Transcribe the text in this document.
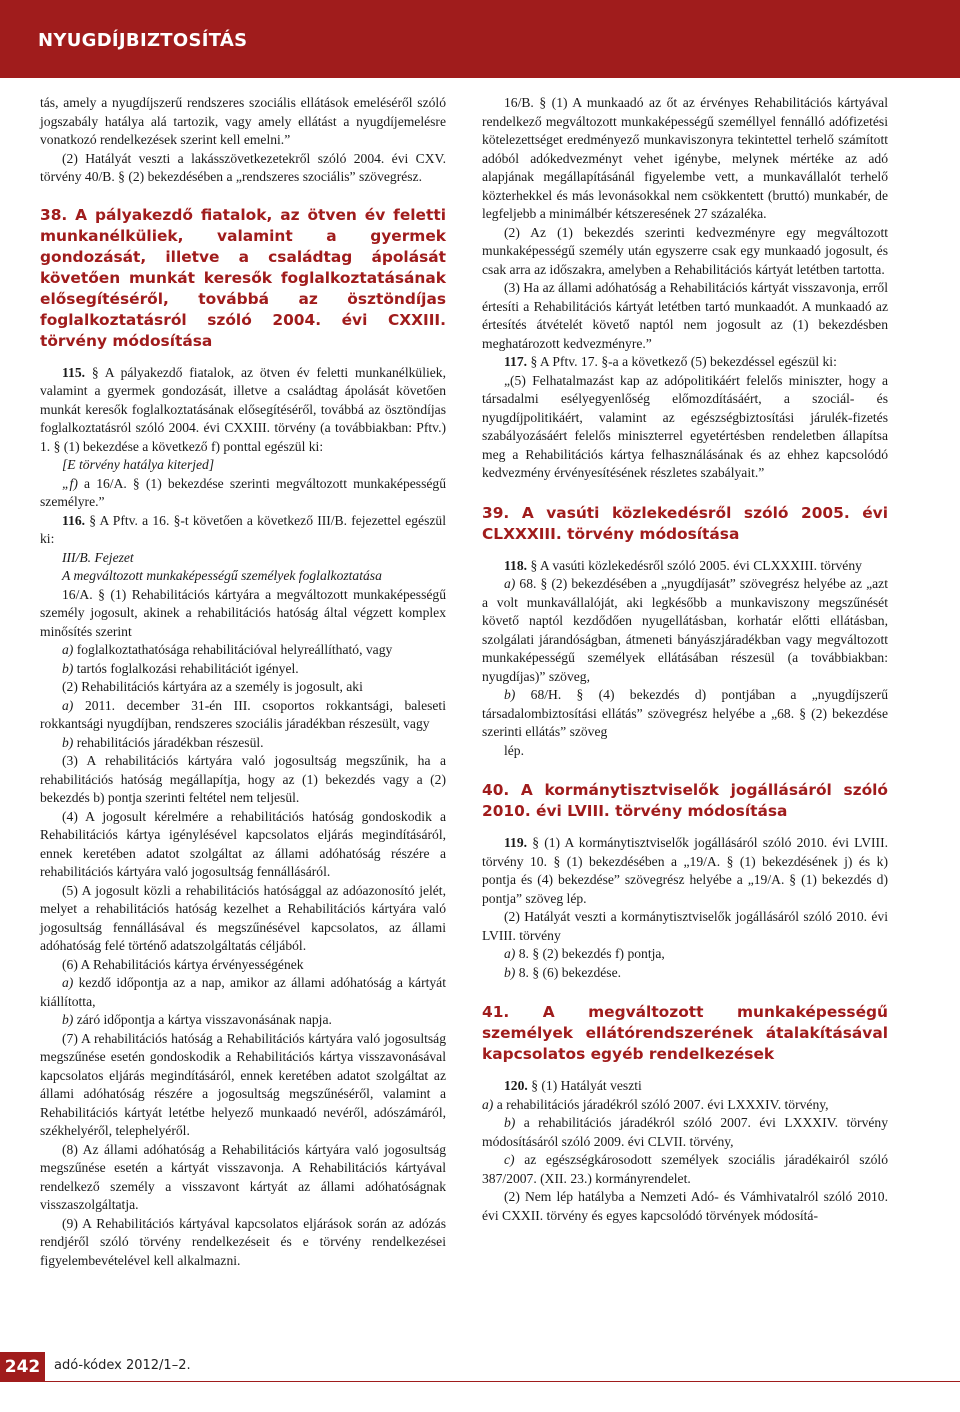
NYUGDÍJBIZTOSÍTÁS

tás, amely a nyugdíjszerű rendszeres szociális ellátások emeléséről szóló jogszabály hatálya alá tartozik, vagy amely ellátást a nyugdíjemelésre vonatkozó rendelkezések szerint kell emelni.”

(2) Hatályát veszti a lakásszövetkezetekről szóló 2004. évi CXV. törvény 40/B. § (2) bekezdésében a „rendszeres szociális” szövegrész.

38. A pályakezdő fiatalok, az ötven év feletti munkanélküliek, valamint a gyermek gondozását, illetve a családtag ápolását követően munkát keresők foglalkoztatásának elősegítéséről, továbbá az ösztöndíjas foglalkoztatásról szóló 2004. évi CXXIII. törvény módosítása

115. § A pályakezdő fiatalok, az ötven év feletti munkanélküliek, valamint a gyermek gondozását, illetve a családtag ápolását követően munkát keresők foglalkoztatásának elősegítéséről, továbbá az ösztöndíjas foglalkoztatásról szóló 2004. évi CXXIII. törvény (a továbbiakban: Pftv.) 1. § (1) bekezdése a következő f) ponttal egészül ki:

[E törvény hatálya kiterjed]

„f) a 16/A. § (1) bekezdése szerinti megváltozott munkaképességű személyre.”

116. § A Pftv. a 16. §-t követően a következő III/B. fejezettel egészül ki:

III/B. Fejezet

A megváltozott munkaképességű személyek foglalkoztatása

16/A. § (1) Rehabilitációs kártyára a megváltozott munkaképességű személy jogosult, akinek a rehabilitációs hatóság által végzett komplex minősítés szerint

a) foglalkoztathatósága rehabilitációval helyreállítható, vagy

b) tartós foglalkozási rehabilitációt igényel.

(2) Rehabilitációs kártyára az a személy is jogosult, aki

a) 2011. december 31-én III. csoportos rokkantsági, baleseti rokkantsági nyugdíjban, rendszeres szociális járadékban részesült, vagy

b) rehabilitációs járadékban részesül.

(3) A rehabilitációs kártyára való jogosultság megszűnik, ha a rehabilitációs hatóság megállapítja, hogy az (1) bekezdés vagy a (2) bekezdés b) pontja szerinti feltétel nem teljesül.

(4) A jogosult kérelmére a rehabilitációs hatóság gondoskodik a Rehabilitációs kártya igénylésével kapcsolatos eljárás megindításáról, ennek keretében adatot szolgáltat az állami adóhatóság részére a rehabilitációs kártyára való jogosultság fennállásáról.

(5) A jogosult közli a rehabilitációs hatósággal az adóazonosító jelét, melyet a rehabilitációs hatóság kezelhet a Rehabilitációs kártyára való jogosultság fennállásával és megszűnésével kapcsolatos, az állami adóhatóság felé történő adatszolgáltatás céljából.

(6) A Rehabilitációs kártya érvényességének

a) kezdő időpontja az a nap, amikor az állami adóhatóság a kártyát kiállította,

b) záró időpontja a kártya visszavonásának napja.

(7) A rehabilitációs hatóság a Rehabilitációs kártyára való jogosultság megszűnése esetén gondoskodik a Rehabilitációs kártya visszavonásával kapcsolatos eljárás megindításáról, ennek keretében adatot szolgáltat az állami adóhatóság részére a jogosultság megszűnéséről, valamint a Rehabilitációs kártyát letétbe helyező munkaadó nevéről, adószámáról, székhelyéről, telephelyéről.

(8) Az állami adóhatóság a Rehabilitációs kártyára való jogosultság megszűnése esetén a kártyát visszavonja. A Rehabilitációs kártyával rendelkező személy a visszavont kártyát az állami adóhatóságnak visszaszolgáltatja.

(9) A Rehabilitációs kártyával kapcsolatos eljárások során az adózás rendjéről szóló törvény rendelkezéseit és e törvény rendelkezései figyelembevételével kell alkalmazni.

16/B. § (1) A munkaadó az őt az érvényes Rehabilitációs kártyával rendelkező megváltozott munkaképességű személlyel fennálló adófizetési kötelezettséget eredményező munkaviszonyra tekintettel terhelő számított adóból adókedvezményt vehet igénybe, melynek mértéke az adó alapjának megállapításánál figyelembe vett, a munkavállalót terhelő közterhekkel és más levonásokkal nem csökkentett (bruttó) munkabér, de legfeljebb a minimálbér kétszeresének 27 százaléka.

(2) Az (1) bekezdés szerinti kedvezményre egy megváltozott munkaképességű személy után egyszerre csak egy munkaadó jogosult, és csak arra az időszakra, amelyben a Rehabilitációs kártyát letétben tartotta.

(3) Ha az állami adóhatóság a Rehabilitációs kártyát visszavonja, erről értesíti a Rehabilitációs kártyát letétben tartó munkaadót. A munkaadó az értesítés átvételét követő naptól nem jogosult az (1) bekezdésben meghatározott kedvezményre.”

117. § A Pftv. 17. §-a a következő (5) bekezdéssel egészül ki:

„(5) Felhatalmazást kap az adópolitikáért felelős miniszter, hogy a társadalmi esélyegyenlőség előmozdításáért, a szociál- és nyugdíjpolitikáért, valamint az egészségbiztosítási járulék-fizetés szabályozásáért felelős miniszterrel egyetértésben rendeletben állapítsa meg a Rehabilitációs kártya felhasználásának és az ehhez kapcsolódó kedvezmény érvényesítésének részletes szabályait.”

39. A vasúti közlekedésről szóló 2005. évi CLXXXIII. törvény módosítása

118. § A vasúti közlekedésről szóló 2005. évi CLXXXIII. törvény

a) 68. § (2) bekezdésében a „nyugdíjasát” szövegrész helyébe az „azt a volt munkavállalóját, aki legkésőbb a munkaviszony megszűnését követő naptól kezdődően nyugellátásban, korhatár előtti ellátásban, szolgálati járandóságban, átmeneti bányászjáradékban vagy megváltozott munkaképességű személyek ellátásában részesül (a továbbiakban: nyugdíjas)” szöveg,

b) 68/H. § (4) bekezdés d) pontjában a „nyugdíjszerű társadalombiztosítási ellátás” szövegrész helyébe a „68. § (2) bekezdése szerinti ellátás” szöveg

lép.

40. A kormánytisztviselők jogállásáról szóló 2010. évi LVIII. törvény módosítása

119. § (1) A kormánytisztviselők jogállásáról szóló 2010. évi LVIII. törvény 10. § (1) bekezdésében a „19/A. § (1) bekezdésének j) és k) pontja és (4) bekezdése” szövegrész helyébe a „19/A. § (1) bekezdés d) pontja” szöveg lép.

(2) Hatályát veszti a kormánytisztviselők jogállásáról szóló 2010. évi LVIII. törvény

a) 8. § (2) bekezdés f) pontja,

b) 8. § (6) bekezdése.

41. A megváltozott munkaképességű személyek ellátórendszerének átalakításával kapcsolatos egyéb rendelkezések

120. § (1) Hatályát veszti

a) a rehabilitációs járadékról szóló 2007. évi LXXXIV. törvény,

b) a rehabilitációs járadékról szóló 2007. évi LXXXIV. törvény módosításáról szóló 2009. évi CLVII. törvény,

c) az egészségkárosodott személyek szociális járadékairól szóló 387/2007. (XII. 23.) kormányrendelet.

(2) Nem lép hatályba a Nemzeti Adó- és Vámhivatalról szóló 2010. évi CXXII. törvény és egyes kapcsolódó törvények módosítá-

242	adó-kódex 2012/1–2.
